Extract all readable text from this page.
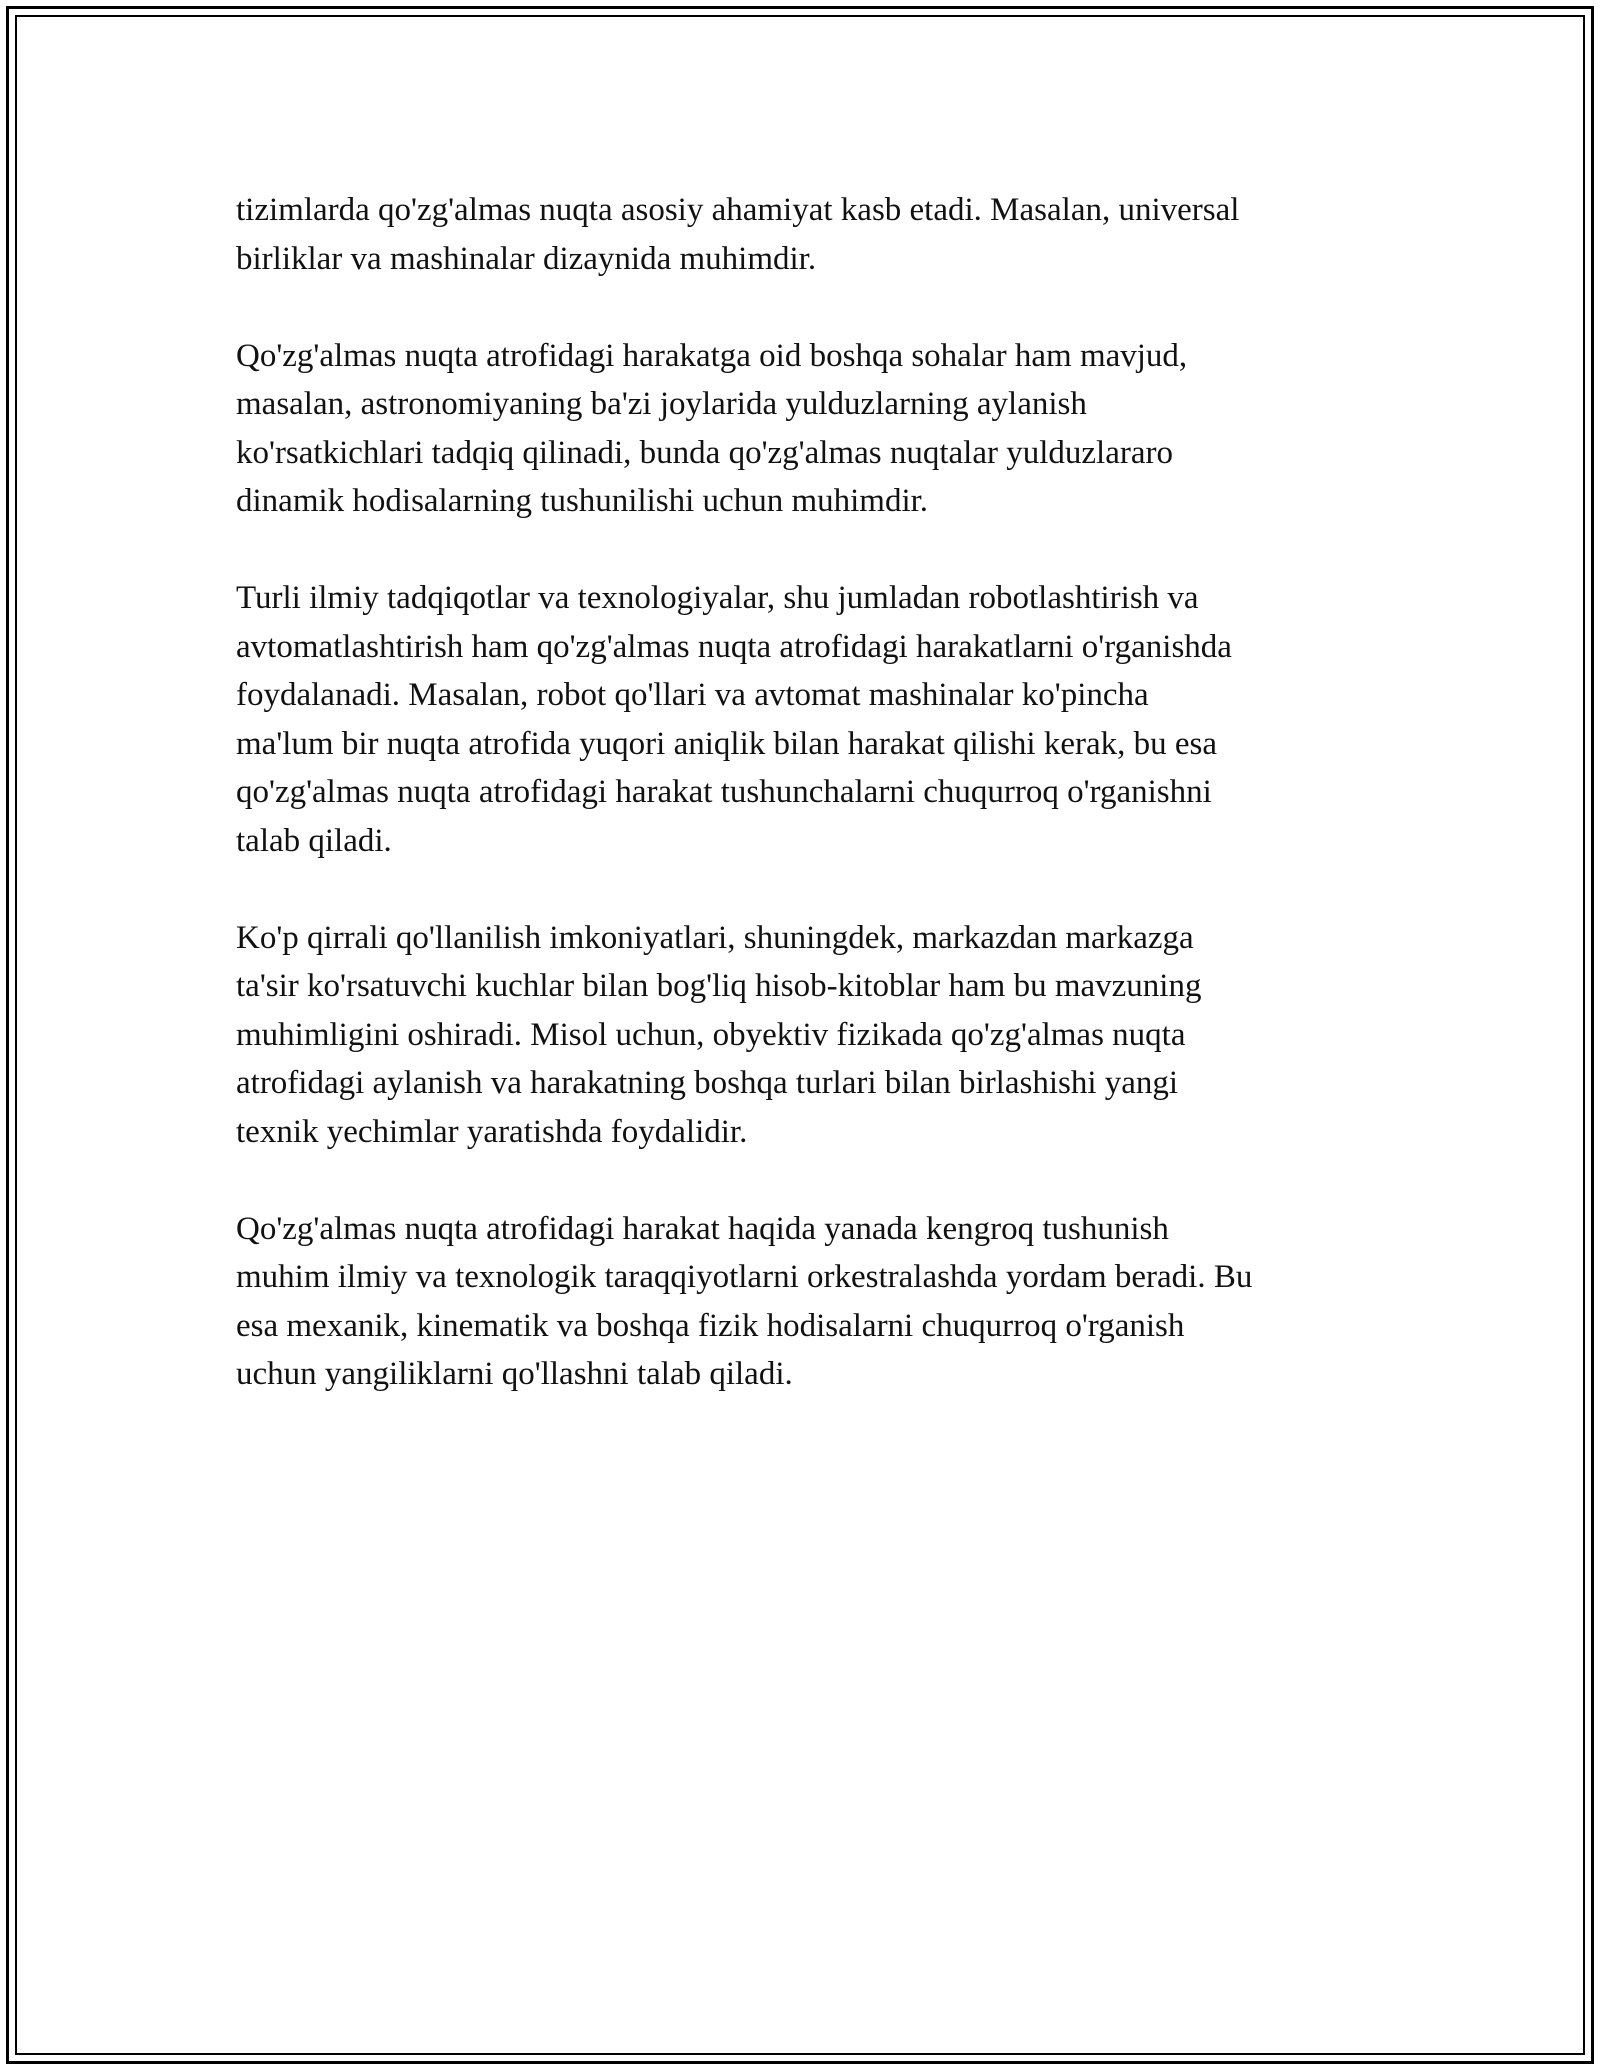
tizimlarda qo'zg'almas nuqta asosiy ahamiyat kasb etadi. Masalan, universal
birliklar va mashinalar dizaynida muhimdir.

Qo'zg'almas nuqta atrofidagi harakatga oid boshqa sohalar ham mavjud,
masalan, astronomiyaning ba'zi joylarida yulduzlarning aylanish
ko'rsatkichlari tadqiq qilinadi, bunda qo'zg'almas nuqtalar yulduzlararo
dinamik hodisalarning tushunilishi uchun muhimdir.

Turli ilmiy tadqiqotlar va texnologiyalar, shu jumladan robotlashtirish va
avtomatlashtirish ham qo'zg'almas nuqta atrofidagi harakatlarni o'rganishda
foydalanadi. Masalan, robot qo'llari va avtomat mashinalar ko'pincha
ma'lum bir nuqta atrofida yuqori aniqlik bilan harakat qilishi kerak, bu esa
qo'zg'almas nuqta atrofidagi harakat tushunchalarni chuqurroq o'rganishni
talab qiladi.

Ko'p qirrali qo'llanilish imkoniyatlari, shuningdek, markazdan markazga
ta'sir ko'rsatuvchi kuchlar bilan bog'liq hisob-kitoblar ham bu mavzuning
muhimligini oshiradi. Misol uchun, obyektiv fizikada qo'zg'almas nuqta
atrofidagi aylanish va harakatning boshqa turlari bilan birlashishi yangi
texnik yechimlar yaratishda foydalidir.

Qo'zg'almas nuqta atrofidagi harakat haqida yanada kengroq tushunish
muhim ilmiy va texnologik taraqqiyotlarni orkestralashda yordam beradi. Bu
esa mexanik, kinematik va boshqa fizik hodisalarni chuqurroq o'rganish
uchun yangiliklarni qo'llashni talab qiladi.
